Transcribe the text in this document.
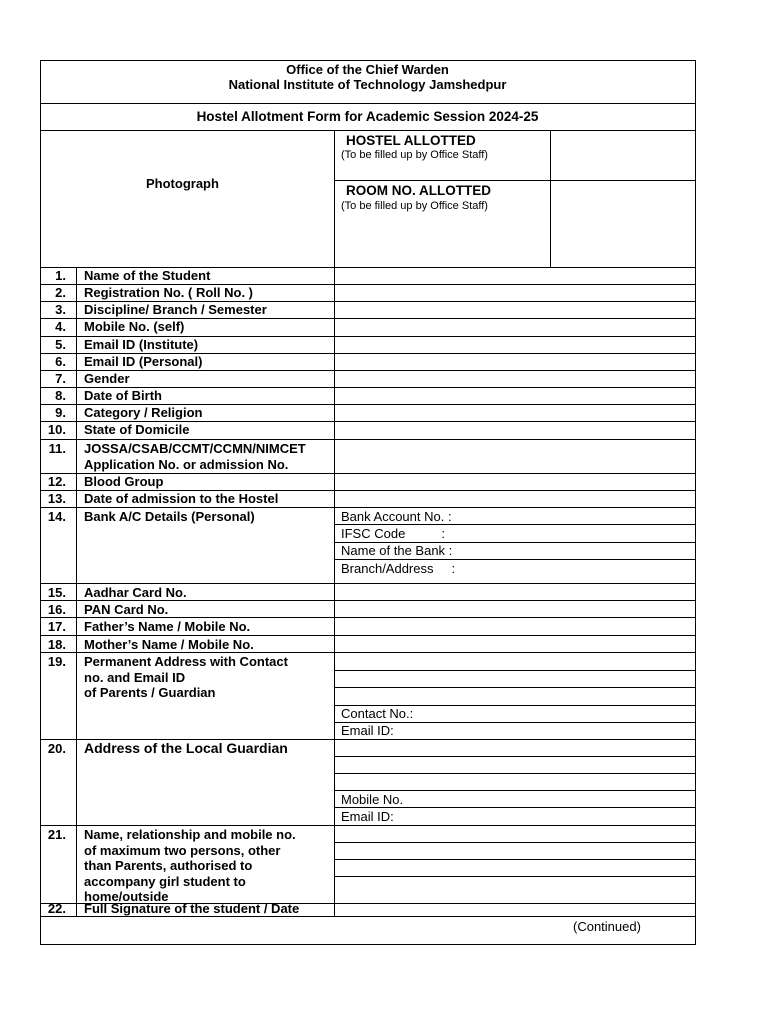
Office of the Chief Warden
National Institute of Technology Jamshedpur
Hostel Allotment Form for Academic Session 2024-25
Photograph
HOSTEL ALLOTTED
(To be filled up by Office Staff)
ROOM NO. ALLOTTED
(To be filled up by Office Staff)
1. Name of the Student
2. Registration No. ( Roll No. )
3. Discipline/ Branch / Semester
4. Mobile No. (self)
5. Email ID (Institute)
6. Email ID (Personal)
7. Gender
8. Date of Birth
9. Category / Religion
10. State of Domicile
11. JOSSA/CSAB/CCMT/CCMN/NIMCET
Application No. or admission No.
12. Blood Group
13. Date of admission to the Hostel
14. Bank A/C Details (Personal)
15. Aadhar Card No.
16. PAN Card No.
17. Father’s Name / Mobile No.
18. Mother’s Name / Mobile No.
19. Permanent Address with Contact
no. and Email ID
of Parents / Guardian
20. Address of the Local Guardian
21. Name, relationship and mobile no.
of maximum two persons, other
than Parents, authorised to
accompany girl student to
home/outside
22. Full Signature of the student / Date
Bank Account No. :
IFSC Code          :
Name of the Bank :
Branch/Address     :
Contact No.:
Email ID:
Mobile No.
Email ID:
(Continued)
